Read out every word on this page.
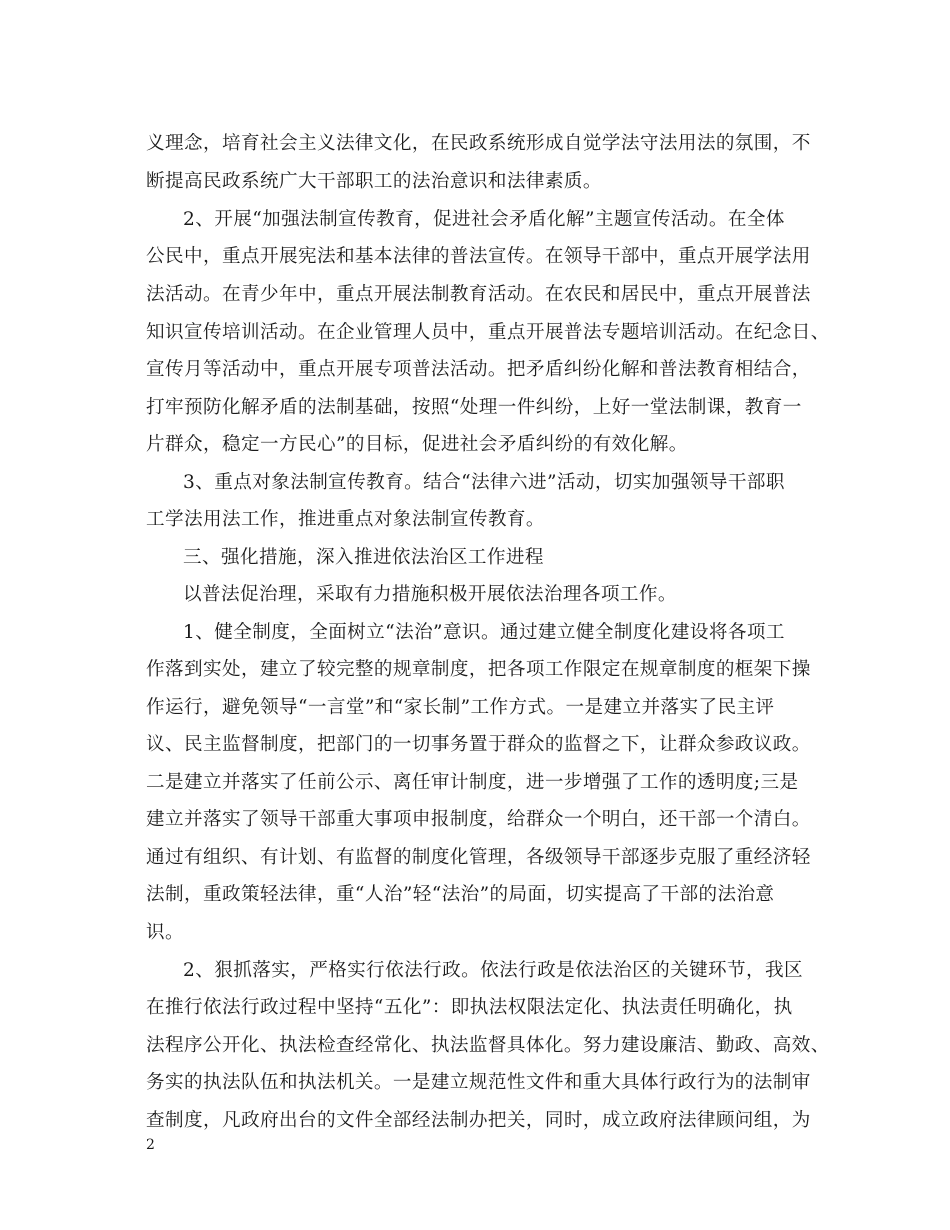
义理念，培育社会主义法律文化，在民政系统形成自觉学法守法用法的氛围，不

断提高民政系统广大干部职工的法治意识和法律素质。

2、开展“加强法制宣传教育，促进社会矛盾化解”主题宣传活动。在全体

公民中，重点开展宪法和基本法律的普法宣传。在领导干部中，重点开展学法用

法活动。在青少年中，重点开展法制教育活动。在农民和居民中，重点开展普法

知识宣传培训活动。在企业管理人员中，重点开展普法专题培训活动。在纪念日、

宣传月等活动中，重点开展专项普法活动。把矛盾纠纷化解和普法教育相结合，

打牢预防化解矛盾的法制基础，按照“处理一件纠纷，上好一堂法制课，教育一

片群众，稳定一方民心”的目标，促进社会矛盾纠纷的有效化解。

3、重点对象法制宣传教育。结合“法律六进”活动，切实加强领导干部职

工学法用法工作，推进重点对象法制宣传教育。

三、强化措施，深入推进依法治区工作进程

以普法促治理，采取有力措施积极开展依法治理各项工作。

1、健全制度，全面树立“法治”意识。通过建立健全制度化建设将各项工

作落到实处，建立了较完整的规章制度，把各项工作限定在规章制度的框架下操

作运行，避免领导“一言堂”和“家长制”工作方式。一是建立并落实了民主评

议、民主监督制度，把部门的一切事务置于群众的监督之下，让群众参政议政。

二是建立并落实了任前公示、离任审计制度，进一步增强了工作的透明度;三是

建立并落实了领导干部重大事项申报制度，给群众一个明白，还干部一个清白。

通过有组织、有计划、有监督的制度化管理，各级领导干部逐步克服了重经济轻

法制，重政策轻法律，重“人治”轻“法治”的局面，切实提高了干部的法治意

识。

2、狠抓落实，严格实行依法行政。依法行政是依法治区的关键环节，我区

在推行依法行政过程中坚持“五化”：即执法权限法定化、执法责任明确化，执

法程序公开化、执法检查经常化、执法监督具体化。努力建设廉洁、勤政、高效、

务实的执法队伍和执法机关。一是建立规范性文件和重大具体行政行为的法制审

查制度，凡政府出台的文件全部经法制办把关，同时，成立政府法律顾问组，为

2
